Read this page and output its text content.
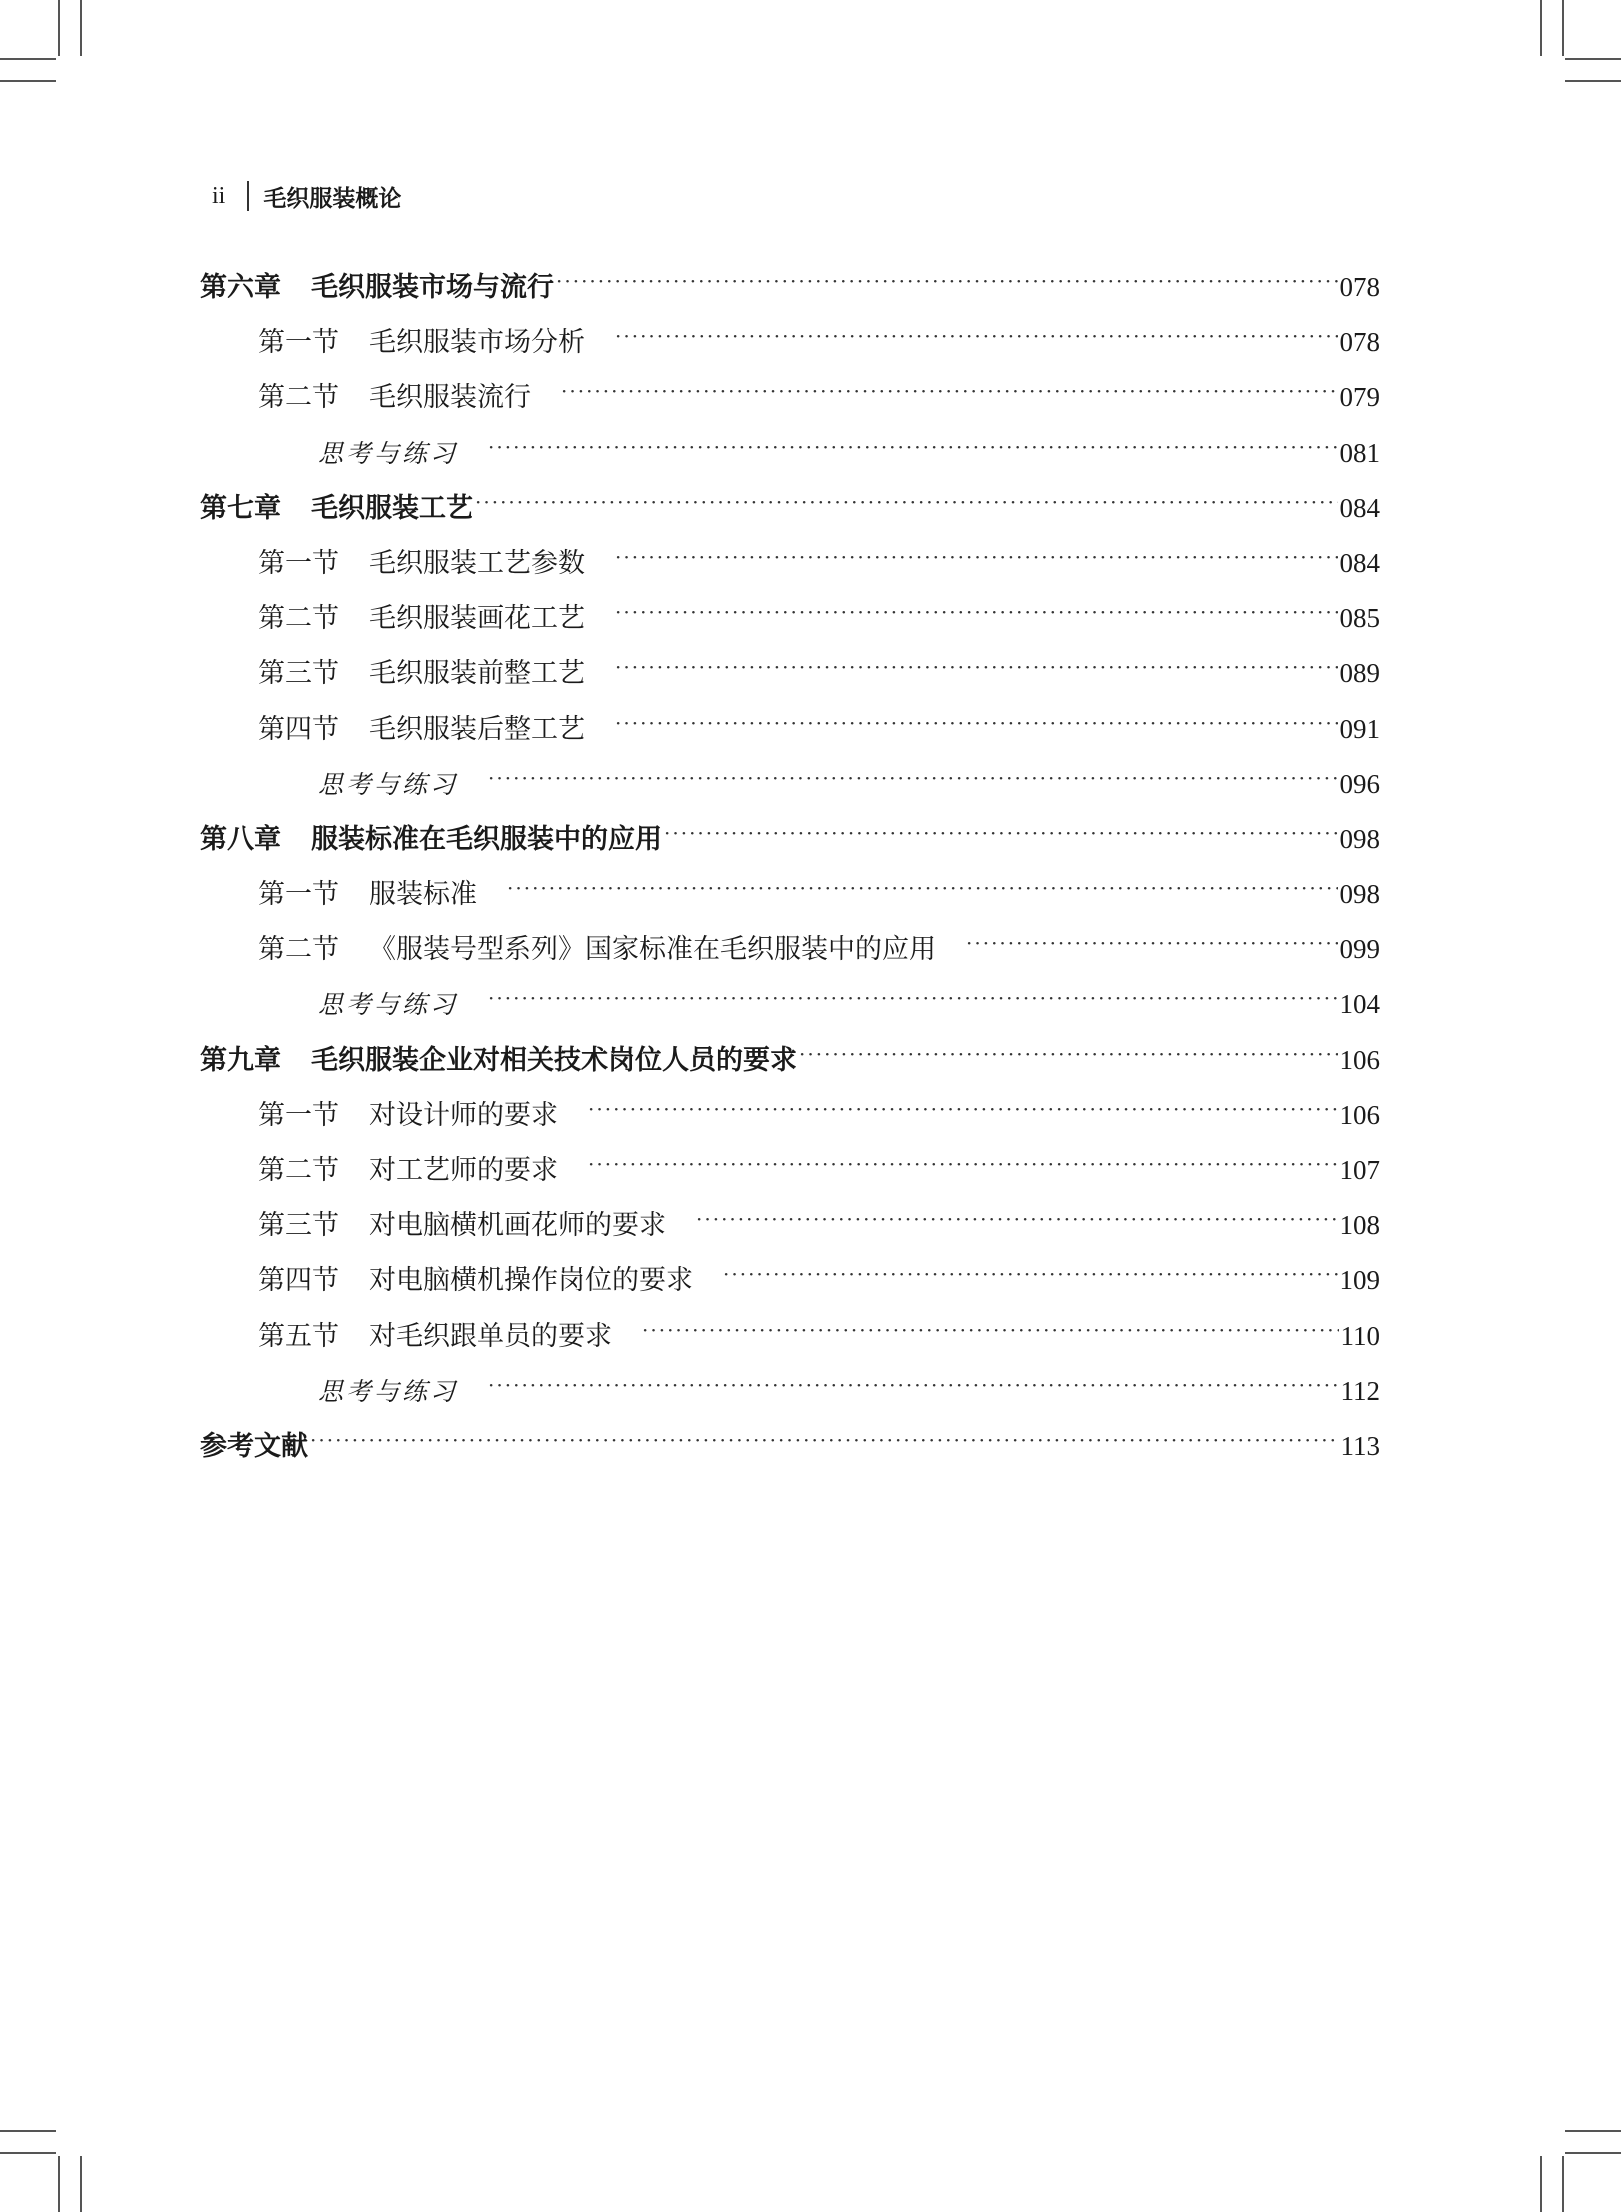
ii 毛织服装概论
第六章 毛织服装市场与流行 ·····	078
第一节 毛织服装市场分析 ·····	078
第二节 毛织服装流行 ·····	079
思考与练习 ·····	081
第七章 毛织服装工艺 ·····	084
第一节 毛织服装工艺参数 ·····	084
第二节 毛织服装画花工艺 ·····	085
第三节 毛织服装前整工艺 ·····	089
第四节 毛织服装后整工艺 ·····	091
思考与练习 ·····	096
第八章 服装标准在毛织服装中的应用 ·····	098
第一节 服装标准 ·····	098
第二节 《服装号型系列》国家标准在毛织服装中的应用 ·····	099
思考与练习 ·····	104
第九章 毛织服装企业对相关技术岗位人员的要求 ·····	106
第一节 对设计师的要求 ·····	106
第二节 对工艺师的要求 ·····	107
第三节 对电脑横机画花师的要求 ·····	108
第四节 对电脑横机操作岗位的要求 ·····	109
第五节 对毛织跟单员的要求 ·····	110
思考与练习 ·····	112
参考文献 ·····	113
